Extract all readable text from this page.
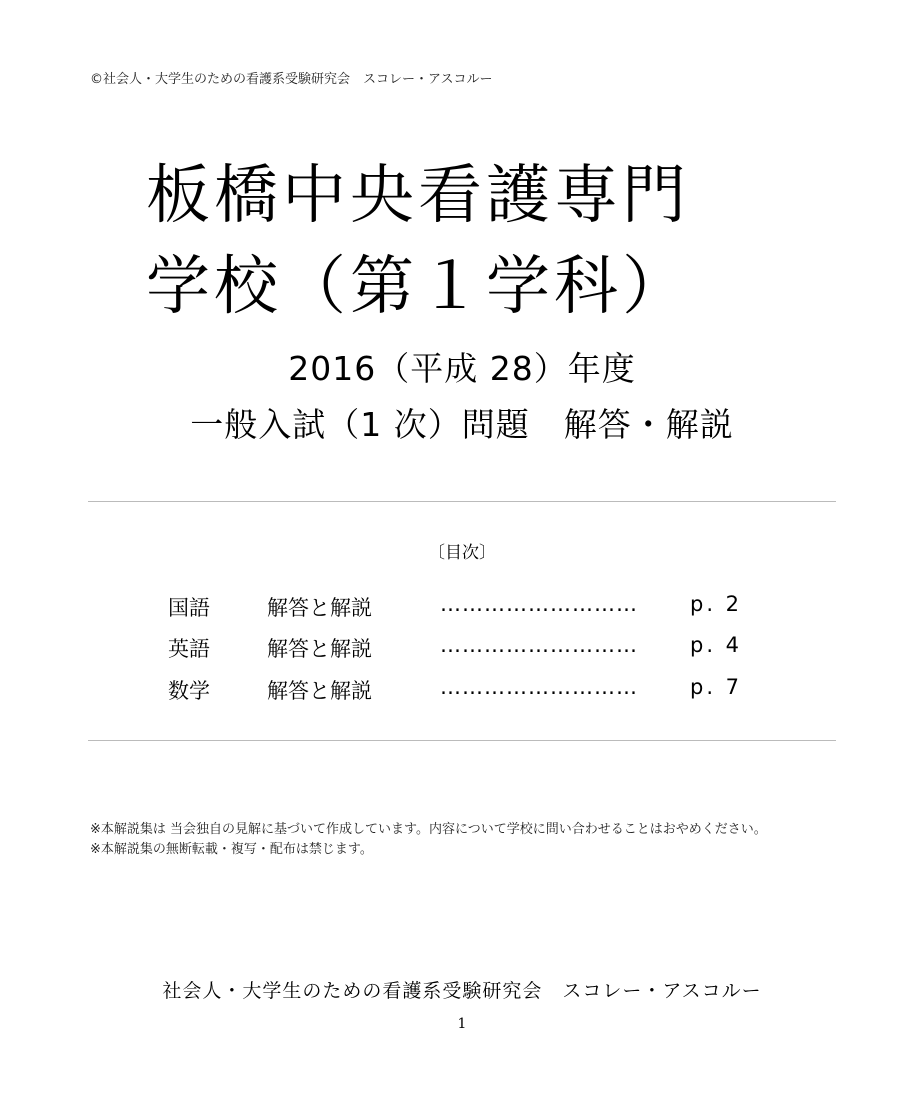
©社会人・大学生のための看護系受験研究会　スコレー・アスコルー
板橋中央看護専門
学校（第１学科）
2016（平成 28）年度
一般入試（1 次）問題　解答・解説
〔目次〕
国語	解答と解説	……………………… p. 2
英語	解答と解説	……………………… p. 4
数学	解答と解説	……………………… p. 7

※本解説集は 当会独自の見解に基づいて作成しています。内容について学校に問い合わせることはおやめください。

※本解説集の無断転載・複写・配布は禁じます。

社会人・大学生のための看護系受験研究会　スコレー・アスコルー
1
